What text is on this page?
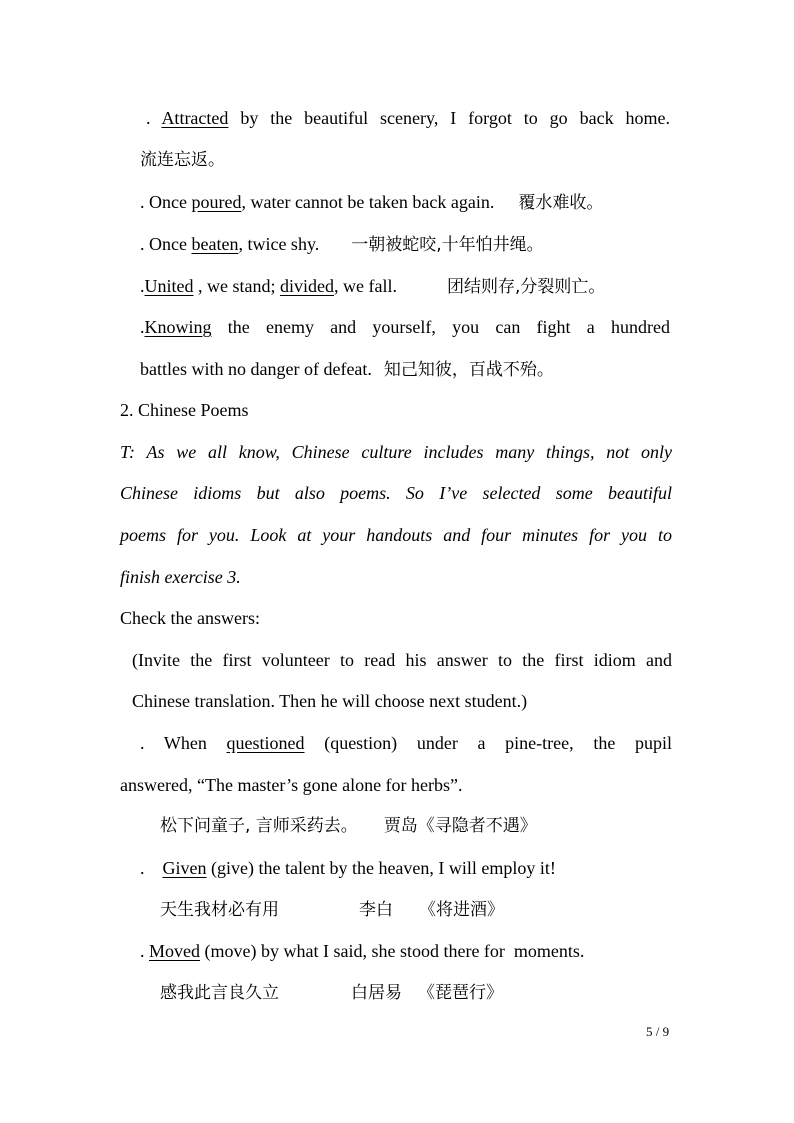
. Attracted by the beautiful scenery, I forgot to go back home.
流连忘返。
. Once poured, water cannot be taken back again. 覆水难收。
. Once beaten, twice shy. 一朝被蛇咬,十年怕井绳。
.United , we stand; divided, we fall.	团结则存,分裂则亡。
.Knowing the enemy and yourself, you can fight a hundred
battles with no danger of defeat. 知己知彼，百战不殆。
2. Chinese Poems
T: As we all know, Chinese culture includes many things, not only
Chinese idioms but also poems. So I’ve selected some beautiful
poems for you. Look at your handouts and four minutes for you to
finish exercise 3.
Check the answers:
(Invite the first volunteer to read his answer to the first idiom and
Chinese translation. Then he will choose next student.)
. When questioned (question) under a pine-tree, the pupil
answered, “The master’s gone alone for herbs”.
松下问童子, 言师采药去。 贾岛《寻隐者不遇》
.    Given (give) the talent by the heaven, I will employ it!
天生我材必有用	李白 《将进酒》
. Moved (move) by what I said, she stood there for  moments.
感我此言良久立	白居易 《琵琶行》
5 / 9
